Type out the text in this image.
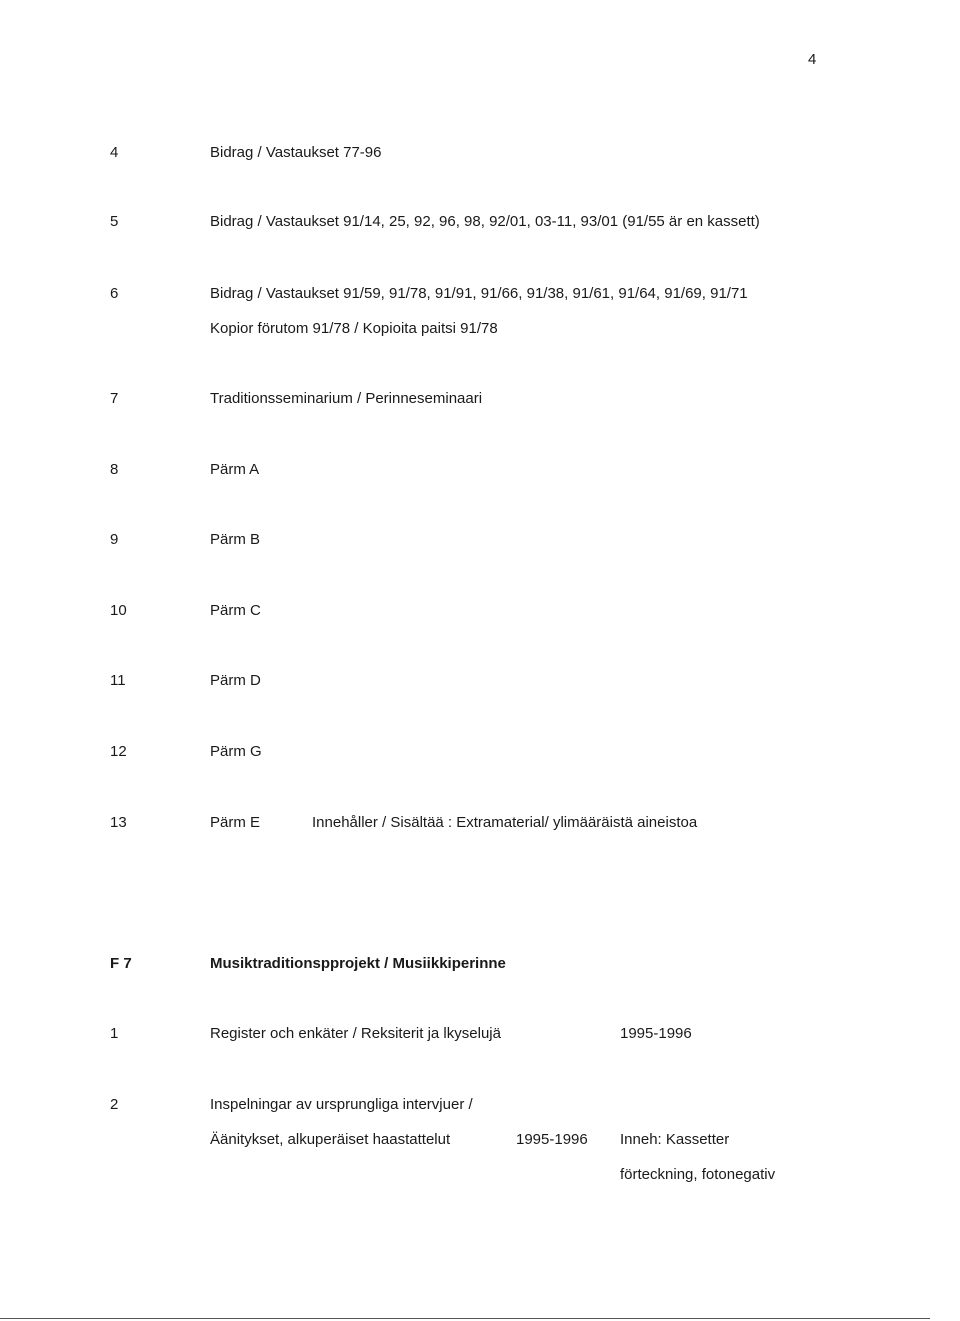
4
4	Bidrag / Vastaukset 77-96
5	Bidrag / Vastaukset 91/14, 25, 92, 96, 98, 92/01, 03-11, 93/01 (91/55 är en kassett)
6	Bidrag / Vastaukset 91/59, 91/78, 91/91, 91/66, 91/38, 91/61, 91/64, 91/69, 91/71
Kopior förutom 91/78 / Kopioita paitsi 91/78
7	Traditionsseminarium / Perinneseminaari
8	Pärm A
9	Pärm B
10	Pärm C
11	Pärm D
12	Pärm G
13	Pärm E	Innehåller / Sisältää : Extramaterial/ ylimääräistä aineistoa
F 7	Musiktraditionspprojekt / Musiikkiperinne
1	Register och enkäter / Reksiterit ja lkyselujä	1995-1996
2	Inspelningar av ursprungliga intervjuer /
Äänitykset, alkuperäiset haastattelut	1995-1996 Inneh: Kassetter
förteckning, fotonegativ
